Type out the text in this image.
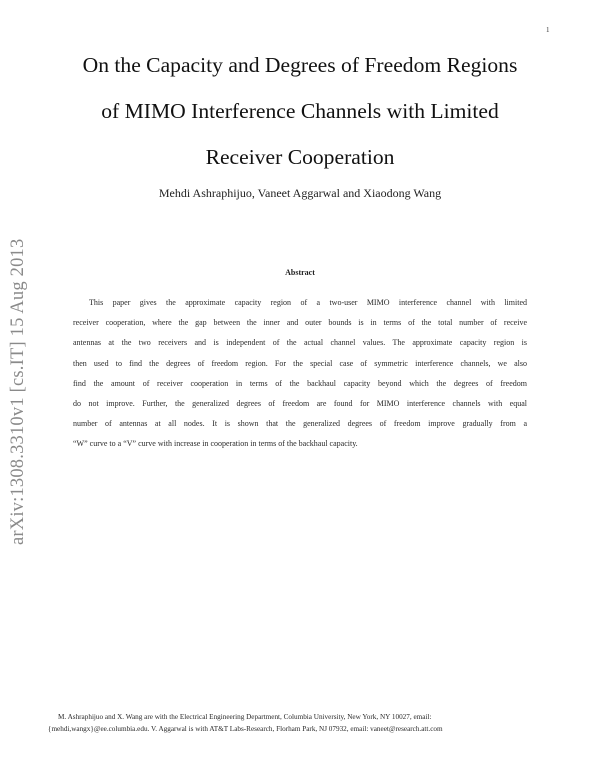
1
arXiv:1308.3310v1 [cs.IT] 15 Aug 2013
On the Capacity and Degrees of Freedom Regions
of MIMO Interference Channels with Limited
Receiver Cooperation
Mehdi Ashraphijuo, Vaneet Aggarwal and Xiaodong Wang
Abstract
This paper gives the approximate capacity region of a two-user MIMO interference channel with limited
receiver cooperation, where the gap between the inner and outer bounds is in terms of the total number of receive
antennas at the two receivers and is independent of the actual channel values. The approximate capacity region is
then used to find the degrees of freedom region. For the special case of symmetric interference channels, we also
find the amount of receiver cooperation in terms of the backhaul capacity beyond which the degrees of freedom
do not improve. Further, the generalized degrees of freedom are found for MIMO interference channels with equal
number of antennas at all nodes. It is shown that the generalized degrees of freedom improve gradually from a
“W” curve to a “V” curve with increase in cooperation in terms of the backhaul capacity.
M. Ashraphijuo and X. Wang are with the Electrical Engineering Department, Columbia University, New York, NY 10027, email:
{mehdi,wangx}@ee.columbia.edu. V. Aggarwal is with AT&T Labs-Research, Florham Park, NJ 07932, email: vaneet@research.att.com
